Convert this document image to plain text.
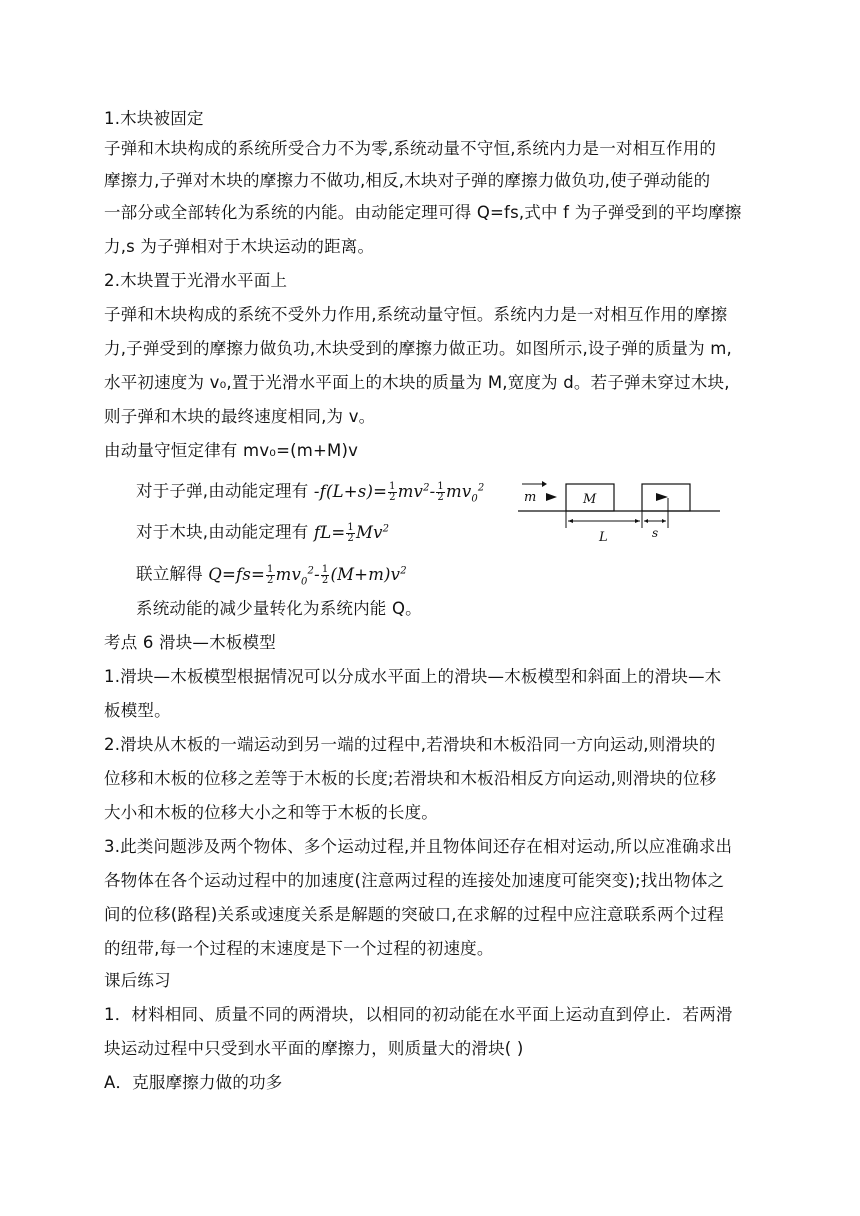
1.木块被固定
子弹和木块构成的系统所受合力不为零,系统动量不守恒,系统内力是一对相互作用的
摩擦力,子弹对木块的摩擦力不做功,相反,木块对子弹的摩擦力做负功,使子弹动能的
一部分或全部转化为系统的内能。由动能定理可得 Q=fs,式中 f 为子弹受到的平均摩擦
力,s 为子弹相对于木块运动的距离。
2.木块置于光滑水平面上
子弹和木块构成的系统不受外力作用,系统动量守恒。系统内力是一对相互作用的摩擦
力,子弹受到的摩擦力做负功,木块受到的摩擦力做正功。如图所示,设子弹的质量为 m,
水平初速度为 v₀,置于光滑水平面上的木块的质量为 M,宽度为 d。若子弹未穿过木块,
则子弹和木块的最终速度相同,为 v。
由动量守恒定律有 mv₀=(m+M)v
对于子弹,由动能定理有 $-f(L+s)= \frac{1}{2} mv^2- \frac{1}{2} mv_0^2$
对于木块,由动能定理有 $fL= \frac{1}{2} Mv^2$
联立解得 $Q=fs= \frac{1}{2} mv_0^2- \frac{1}{2} (M+m)v^2$
系统动能的减少量转化为系统内能 Q。
m	M
L	s
考点 6 滑块—木板模型
1.滑块—木板模型根据情况可以分成水平面上的滑块—木板模型和斜面上的滑块—木
板模型。
2.滑块从木板的一端运动到另一端的过程中,若滑块和木板沿同一方向运动,则滑块的
位移和木板的位移之差等于木板的长度;若滑块和木板沿相反方向运动,则滑块的位移
大小和木板的位移大小之和等于木板的长度。
3.此类问题涉及两个物体、多个运动过程,并且物体间还存在相对运动,所以应准确求出
各物体在各个运动过程中的加速度(注意两过程的连接处加速度可能突变);找出物体之
间的位移(路程)关系或速度关系是解题的突破口,在求解的过程中应注意联系两个过程
的纽带,每一个过程的末速度是下一个过程的初速度。
课后练习
1．材料相同、质量不同的两滑块，以相同的初动能在水平面上运动直到停止．若两滑
块运动过程中只受到水平面的摩擦力，则质量大的滑块( )
A．克服摩擦力做的功多
